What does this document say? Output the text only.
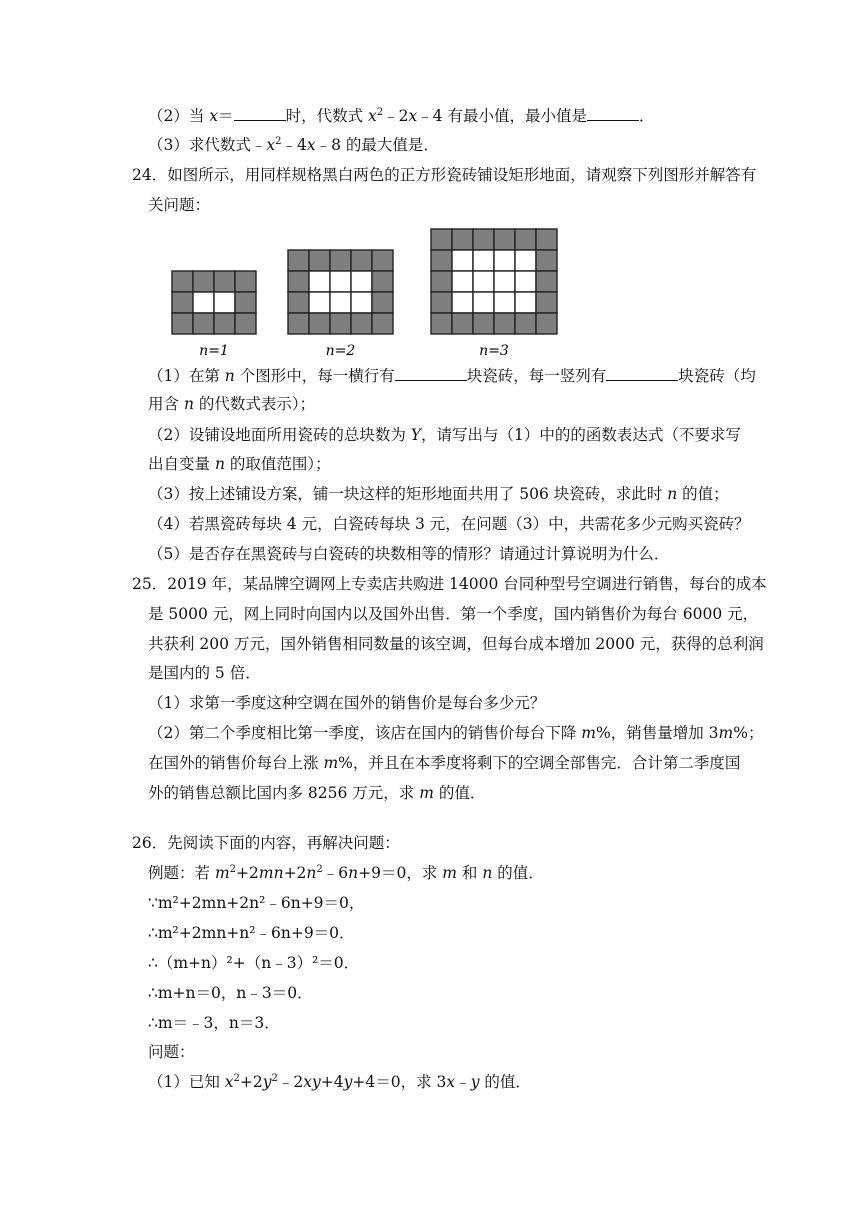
（2）当 x＝	时，代数式 $x^2﹣2x﹣4$ 有最小值，最小值是	．
（3）求代数式$﹣x^2﹣4x﹣8$ 的最大值是．
24．如图所示，用同样规格黑白两色的正方形瓷砖铺设矩形地面，请观察下列图形并解答有
关问题：
n=1	n=2	n=3
（1）在第 n 个图形中，每一横行有	块瓷砖，每一竖列有	块瓷砖（均
用含 n 的代数式表示）；
（2）设铺设地面所用瓷砖的总块数为 Y，请写出与（1）中的的函数表达式（不要求写
出自变量 n 的取值范围）；
（3）按上述铺设方案，铺一块这样的矩形地面共用了 506 块瓷砖，求此时 n 的值；
（4）若黑瓷砖每块 4 元，白瓷砖每块 3 元，在问题（3）中，共需花多少元购买瓷砖？
（5）是否存在黑瓷砖与白瓷砖的块数相等的情形？请通过计算说明为什么．
25．2019 年，某品牌空调网上专卖店共购进 14000 台同种型号空调进行销售，每台的成本
是 5000 元，网上同时向国内以及国外出售．第一个季度，国内销售价为每台 6000 元，
共获利 200 万元，国外销售相同数量的该空调，但每台成本增加 2000 元，获得的总利润
是国内的 5 倍．
（1）求第一季度这种空调在国外的销售价是每台多少元？
（2）第二个季度相比第一季度，该店在国内的销售价每台下降 m%，销售量增加 3m%；
在国外的销售价每台上涨 m%，并且在本季度将剩下的空调全部售完．合计第二季度国
外的销售总额比国内多 8256 万元，求 m 的值．
26．先阅读下面的内容，再解决问题：
例题：若 $m^2+2mn+2n^2﹣6n+9=0$，求 m 和 n 的值．
∵m²+2mn+2n²﹣6n+9＝0，
∴m²+2mn+n²﹣6n+9＝0．
∴（m+n）²+（n﹣3）²＝0．
∴m+n＝0，n﹣3＝0．
∴m＝﹣3，n＝3．
问题：
（1）已知 $x^2+2y^2﹣2xy+4y+4=0$，求 3x﹣y 的值．
